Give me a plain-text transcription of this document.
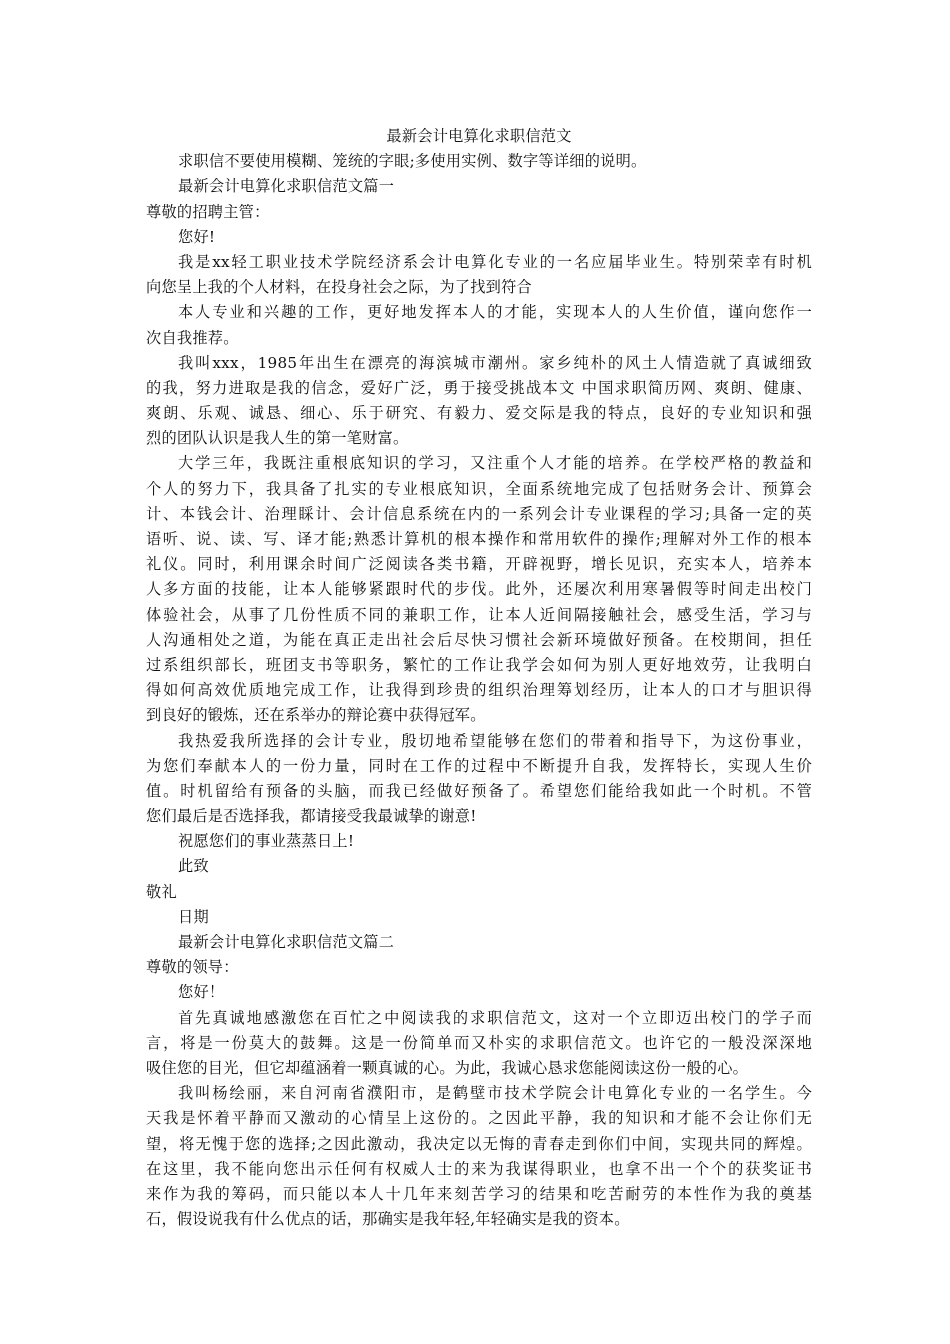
最新会计电算化求职信范文
求职信不要使用模糊、笼统的字眼;多使用实例、数字等详细的说明。
最新会计电算化求职信范文篇一
尊敬的招聘主管：
您好!
我是xx轻工职业技术学院经济系会计电算化专业的一名应届毕业生。特别荣幸有时机
向您呈上我的个人材料，在投身社会之际，为了找到符合
本人专业和兴趣的工作，更好地发挥本人的才能，实现本人的人生价值，谨向您作一
次自我推荐。
我叫xxx，1985年出生在漂亮的海滨城市潮州。家乡纯朴的风土人情造就了真诚细致
的我，努力进取是我的信念，爱好广泛，勇于接受挑战本文 中国求职简历网、爽朗、健康、
爽朗、乐观、诚恳、细心、乐于研究、有毅力、爱交际是我的特点，良好的专业知识和强
烈的团队认识是我人生的第一笔财富。
大学三年，我既注重根底知识的学习，又注重个人才能的培养。在学校严格的教益和
个人的努力下，我具备了扎实的专业根底知识，全面系统地完成了包括财务会计、预算会
计、本钱会计、治理睬计、会计信息系统在内的一系列会计专业课程的学习;具备一定的英
语听、说、读、写、译才能;熟悉计算机的根本操作和常用软件的操作;理解对外工作的根本
礼仪。同时，利用课余时间广泛阅读各类书籍，开辟视野，增长见识，充实本人，培养本
人多方面的技能，让本人能够紧跟时代的步伐。此外，还屡次利用寒暑假等时间走出校门
体验社会，从事了几份性质不同的兼职工作，让本人近间隔接触社会，感受生活，学习与
人沟通相处之道，为能在真正走出社会后尽快习惯社会新环境做好预备。在校期间，担任
过系组织部长，班团支书等职务，繁忙的工作让我学会如何为别人更好地效劳，让我明白
得如何高效优质地完成工作，让我得到珍贵的组织治理筹划经历，让本人的口才与胆识得
到良好的锻炼，还在系举办的辩论赛中获得冠军。
我热爱我所选择的会计专业，殷切地希望能够在您们的带着和指导下，为这份事业，
为您们奉献本人的一份力量，同时在工作的过程中不断提升自我，发挥特长，实现人生价
值。时机留给有预备的头脑，而我已经做好预备了。希望您们能给我如此一个时机。不管
您们最后是否选择我，都请接受我最诚挚的谢意!
祝愿您们的事业蒸蒸日上!
此致
敬礼
日期
最新会计电算化求职信范文篇二
尊敬的领导：
您好！
首先真诚地感激您在百忙之中阅读我的求职信范文，这对一个立即迈出校门的学子而
言，将是一份莫大的鼓舞。这是一份简单而又朴实的求职信范文。也许它的一般没深深地
吸住您的目光，但它却蕴涵着一颗真诚的心。为此，我诚心恳求您能阅读这份一般的心。
我叫杨绘丽，来自河南省濮阳市，是鹤壁市技术学院会计电算化专业的一名学生。今
天我是怀着平静而又激动的心情呈上这份的。之因此平静，我的知识和才能不会让你们无
望，将无愧于您的选择;之因此激动，我决定以无悔的青春走到你们中间，实现共同的辉煌。
在这里，我不能向您出示任何有权威人士的来为我谋得职业，也拿不出一个个的获奖证书
来作为我的筹码，而只能以本人十几年来刻苦学习的结果和吃苦耐劳的本性作为我的奠基
石，假设说我有什么优点的话，那确实是我年轻,年轻确实是我的资本。
